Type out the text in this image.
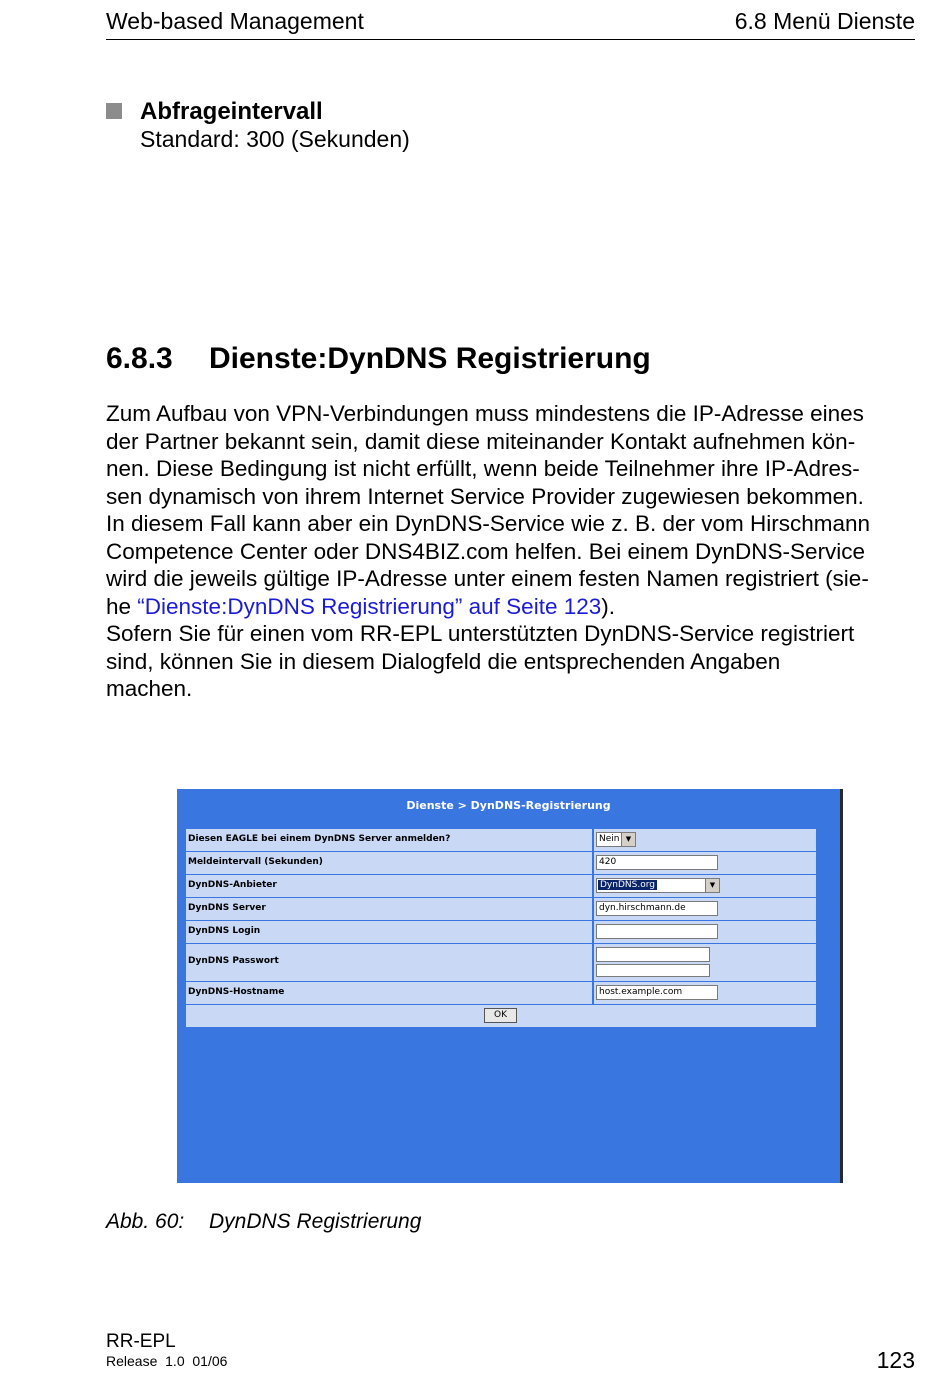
Web-based Management	6.8 Menü Dienste
Abfrageintervall
Standard: 300 (Sekunden)
6.8.3 Dienste:DynDNS Registrierung
Zum Aufbau von VPN-Verbindungen muss mindestens die IP-Adresse eines
der Partner bekannt sein, damit diese miteinander Kontakt aufnehmen kön-
nen. Diese Bedingung ist nicht erfüllt, wenn beide Teilnehmer ihre IP-Adres-
sen dynamisch von ihrem Internet Service Provider zugewiesen bekommen.
In diesem Fall kann aber ein DynDNS-Service wie z. B. der vom Hirschmann
Competence Center oder DNS4BIZ.com helfen. Bei einem DynDNS-Service
wird die jeweils gültige IP-Adresse unter einem festen Namen registriert (sie-
he “Dienste:DynDNS Registrierung” auf Seite 123).
Sofern Sie für einen vom RR-EPL unterstützten DynDNS-Service registriert
sind, können Sie in diesem Dialogfeld die entsprechenden Angaben
machen.
Dienste > DynDNS-Registrierung
Diesen EAGLE bei einem DynDNS Server anmelden?	Nein ▼
Meldeintervall (Sekunden)	420
DynDNS-Anbieter	DynDNS.org	▼
DynDNS Server	dyn.hirschmann.de
DynDNS Login
DynDNS Passwort
DynDNS-Hostname	host.example.com
OK
Abb. 60: DynDNS Registrierung
RR-EPL
Release  1.0  01/06	123
